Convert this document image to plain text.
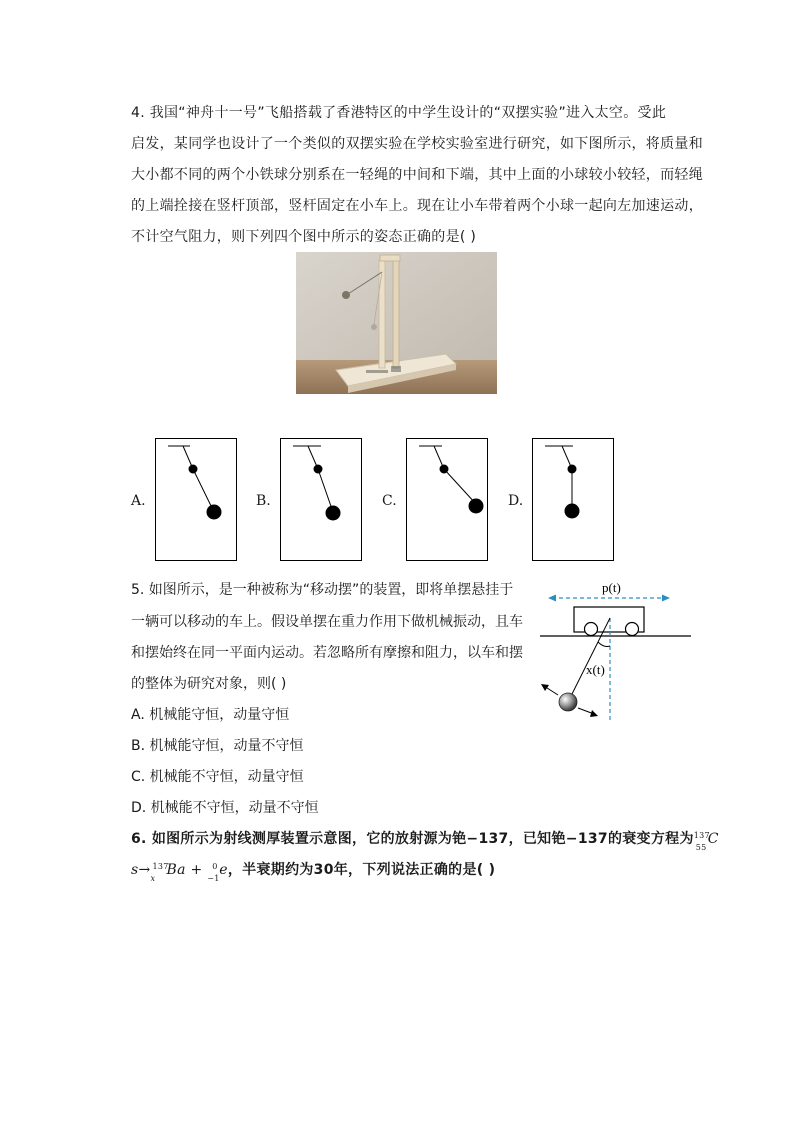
4. 我国“神舟十一号”飞船搭载了香港特区的中学生设计的“双摆实验”进入太空。受此
启发，某同学也设计了一个类似的双摆实验在学校实验室进行研究，如下图所示，将质量和
大小都不同的两个小铁球分别系在一轻绳的中间和下端，其中上面的小球较小较轻，而轻绳
的上端拴接在竖杆顶部，竖杆固定在小车上。现在让小车带着两个小球一起向左加速运动，
不计空气阻力，则下列四个图中所示的姿态正确的是( )
A.	B.	C.	D.
5. 如图所示，是一种被称为“移动摆”的装置，即将单摆悬挂于
一辆可以移动的车上。假设单摆在重力作用下做机械振动，且车
和摆始终在同一平面内运动。若忽略所有摩擦和阻力，以车和摆
的整体为研究对象，则( )
A. 机械能守恒，动量守恒
B. 机械能守恒，动量不守恒
C. 机械能不守恒，动量守恒
D. 机械能不守恒，动量不守恒
p(t)
x(t)
6. 如图所示为射线测厚装置示意图，它的放射源为铯−137，已知铯−137的衰变方程为 137
55
C
s→ 137
x
Ba + 0
−1
e，半衰期约为30年，下列说法正确的是( )
